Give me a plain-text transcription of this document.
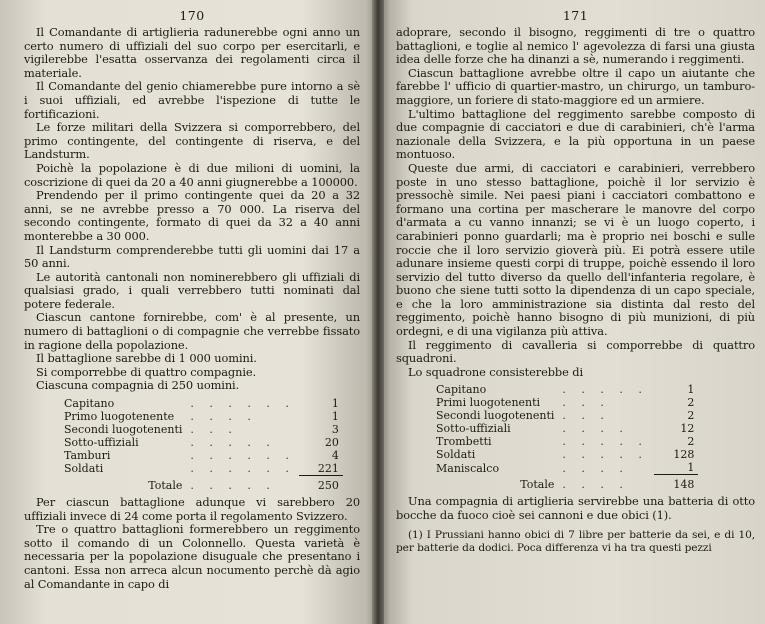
170

Il Comandante di artiglieria radunerebbe ogni anno un certo numero di uffiziali del suo corpo per esercitarli, e vigilerebbe l'esatta osservanza dei regolamenti circa il materiale.

Il Comandante del genio chiamerebbe pure intorno a sè i suoi uffiziali, ed avrebbe l'ispezione di tutte le fortificazioni.

Le forze militari della Svizzera si comporrebbero, del primo contingente, del contingente di riserva, e del Landsturm.

Poichè la popolazione è di due milioni di uomini, la coscrizione di quei da 20 a 40 anni giugnerebbe a 100000.

Prendendo per il primo contingente quei da 20 a 32 anni, se ne avrebbe presso a 70 000. La riserva del secondo contingente, formato di quei da 32 a 40 anni monterebbe a 30 000.

Il Landsturm comprenderebbe tutti gli uomini dai 17 a 50 anni.

Le autorità cantonali non nominerebbero gli uffiziali di qualsiasi grado, i quali verrebbero tutti nominati dal potere federale.

Ciascun cantone fornirebbe, com' è al presente, un numero di battaglioni o di compagnie che verrebbe fissato in ragione della popolazione.

Il battaglione sarebbe di 1 000 uomini.

Si comporrebbe di quattro compagnie.

Ciascuna compagnia di 250 uomini.

Capitano	. . . . . .	1
Primo luogotenente	. . . .	1
Secondi luogotenenti	. . .	3
Sotto-uffiziali	. . . . .	20
Tamburi	. . . . . .	4
Soldati	. . . . . .	221
Totale	. . . . .	250

Per ciascun battaglione adunque vi sarebbero 20 uffiziali invece di 24 come porta il regolamento Svizzero.

Tre o quattro battaglioni formerebbero un reggimento sotto il comando di un Colonnello. Questa varietà è necessaria per la popolazione disuguale che presentano i cantoni. Essa non arreca alcun nocumento perchè dà agio al Comandante in capo di

171

adoprare, secondo il bisogno, reggimenti di tre o quattro battaglioni, e toglie al nemico l' agevolezza di farsi una giusta idea delle forze che ha dinanzi a sè, numerando i reggimenti.

Ciascun battaglione avrebbe oltre il capo un aiutante che farebbe l' ufficio di quartier-mastro, un chirurgo, un tamburo-maggiore, un foriere di stato-maggiore ed un armiere.

L'ultimo battaglione del reggimento sarebbe composto di due compagnie di cacciatori e due di carabinieri, ch'è l'arma nazionale della Svizzera, e la più opportuna in un paese montuoso.

Queste due armi, di cacciatori e carabinieri, verrebbero poste in uno stesso battaglione, poichè il lor servizio è pressochè simile. Nei paesi piani i cacciatori combattono e formano una cortina per mascherare le manovre del corpo d'armata a cu vanno innanzi; se vi è un luogo coperto, i carabinieri ponno guardarli; ma è proprio nei boschi e sulle roccie che il loro servizio gioverà più. Ei potrà essere utile adunare insieme questi corpi di truppe, poichè essendo il loro servizio del tutto diverso da quello dell'infanteria regolare, è buono che siene tutti sotto la dipendenza di un capo speciale, e che la loro amministrazione sia distinta dal resto del reggimento, poichè hanno bisogno di più munizioni, di più ordegni, e di una vigilanza più attiva.

Il reggimento di cavalleria si comporrebbe di quattro squadroni.

Lo squadrone consisterebbe di

Capitano	. . . . .	1
Primi luogotenenti	. . .	2
Secondi luogotenenti	. . .	2
Sotto-uffiziali	. . . .	12
Trombetti	. . . . .	2
Soldati	. . . . .	128
Maniscalco	. . . .	1
Totale	. . . .	148

Una compagnia di artiglieria servirebbe una batteria di otto bocche da fuoco cioè sei cannoni e due obici (1).

(1) I Prussiani hanno obici di 7 libre per batterie da sei, e di 10, per batterie da dodici. Poca differenza vi ha tra questi pezzi
